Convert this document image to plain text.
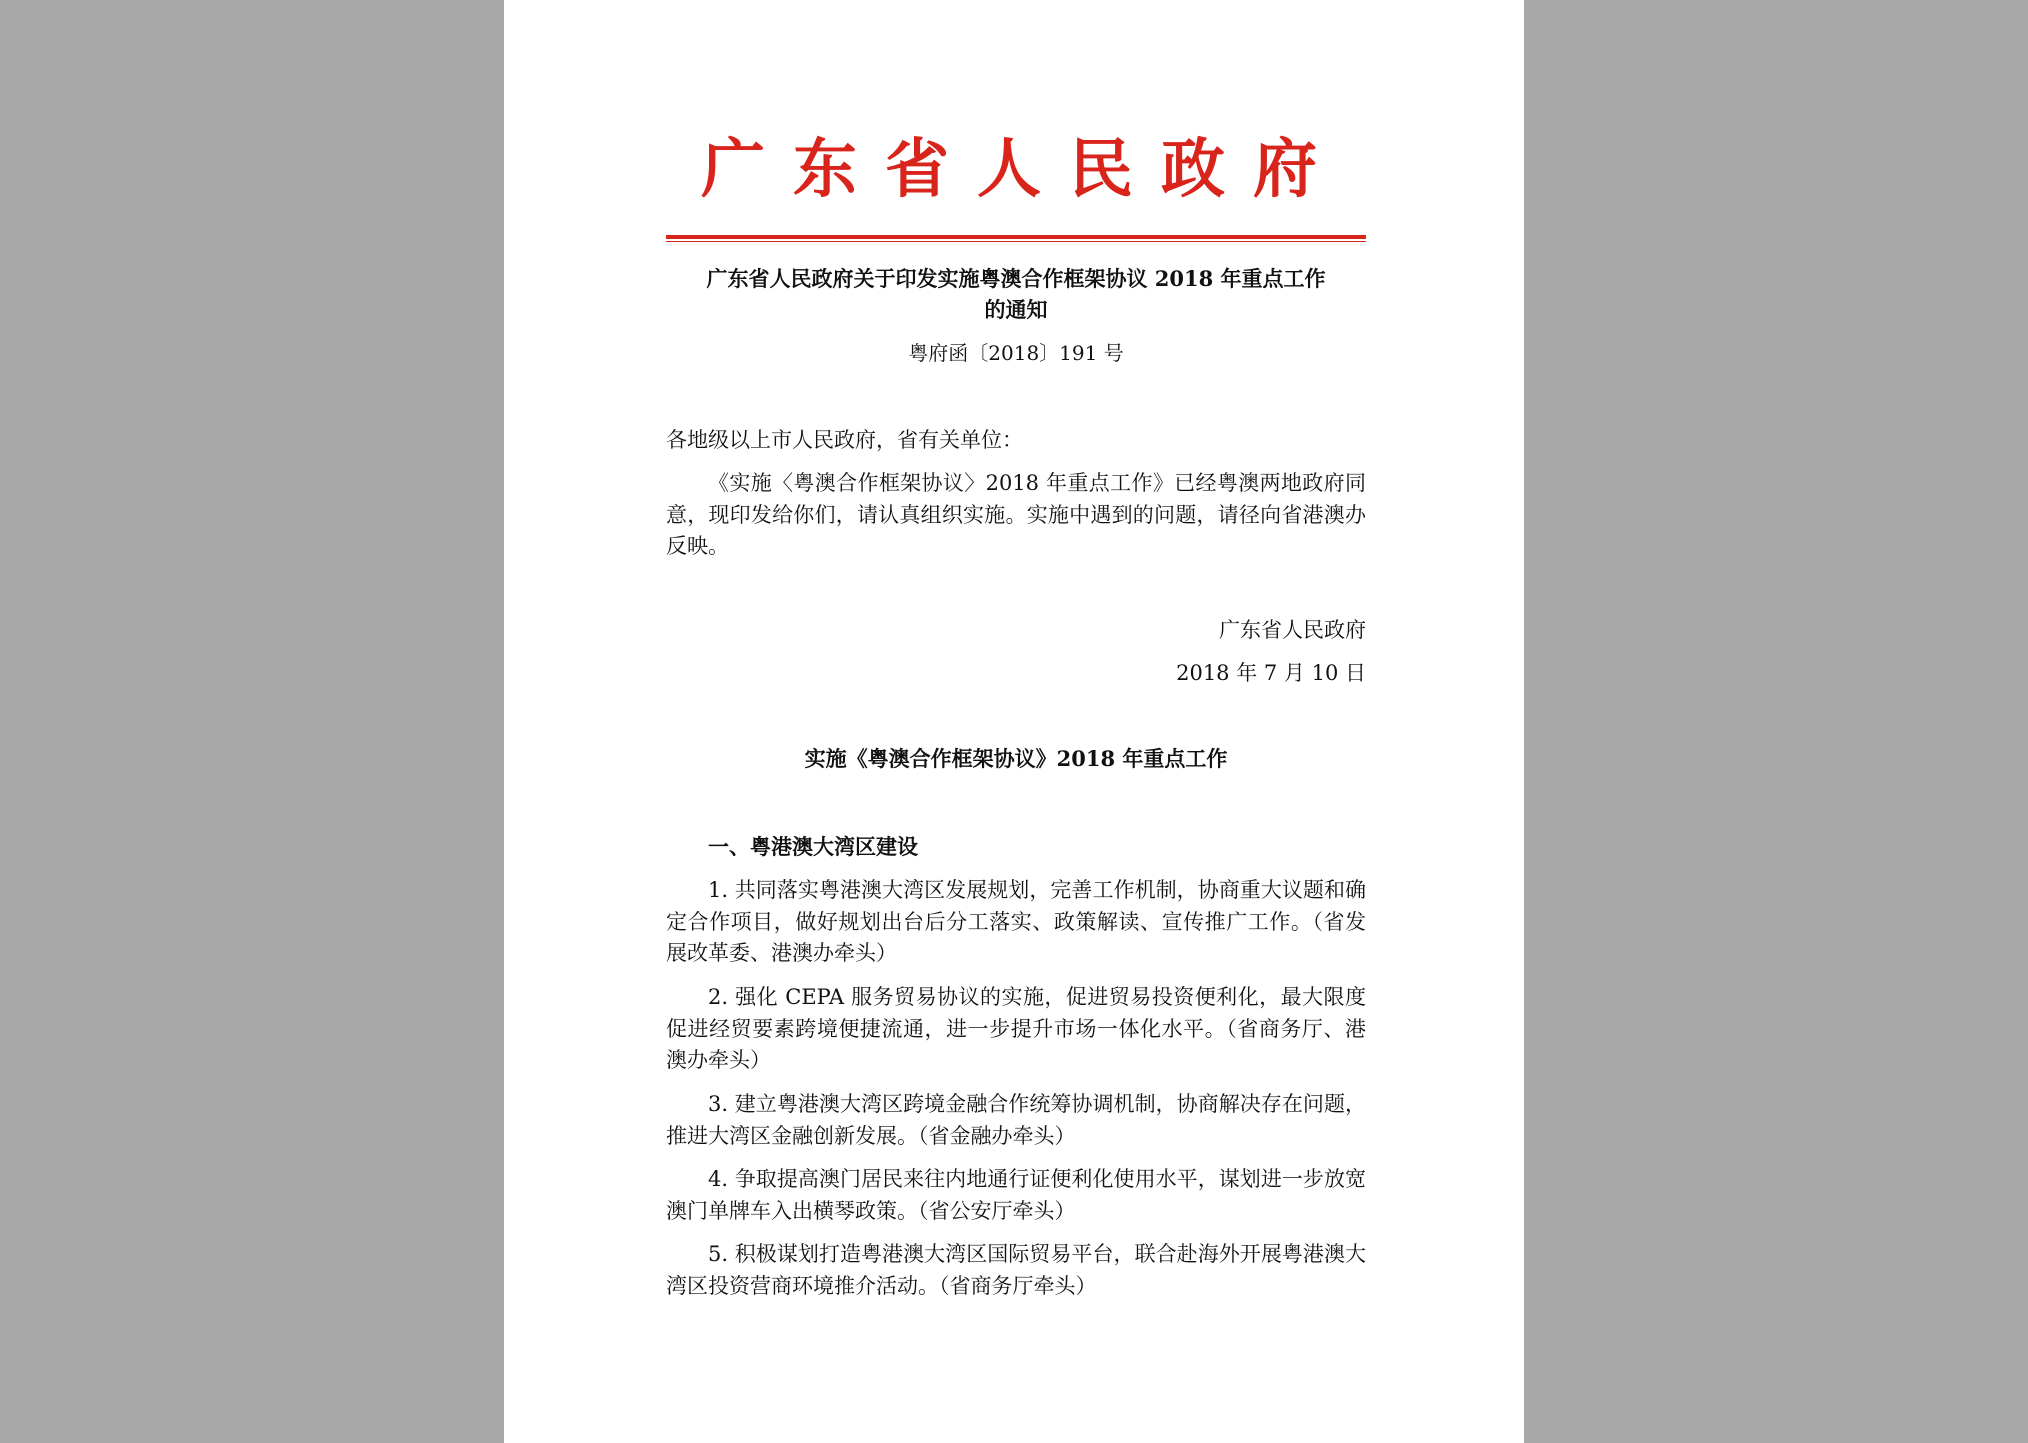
广东省人民政府
广东省人民政府关于印发实施粤澳合作框架协议 2018 年重点工作
的通知
粤府函〔2018〕191 号

各地级以上市人民政府，省有关单位：

《实施〈粤澳合作框架协议〉2018 年重点工作》已经粤澳两地政府同意，现印发给你们，请认真组织实施。实施中遇到的问题，请径向省港澳办反映。

广东省人民政府

2018 年 7 月 10 日

实施《粤澳合作框架协议》2018 年重点工作

一、粤港澳大湾区建设

1. 共同落实粤港澳大湾区发展规划，完善工作机制，协商重大议题和确定合作项目，做好规划出台后分工落实、政策解读、宣传推广工作。（省发展改革委、港澳办牵头）

2. 强化 CEPA 服务贸易协议的实施，促进贸易投资便利化，最大限度促进经贸要素跨境便捷流通，进一步提升市场一体化水平。（省商务厅、港澳办牵头）

3. 建立粤港澳大湾区跨境金融合作统筹协调机制，协商解决存在问题，推进大湾区金融创新发展。（省金融办牵头）

4. 争取提高澳门居民来往内地通行证便利化使用水平，谋划进一步放宽澳门单牌车入出横琴政策。（省公安厅牵头）

5. 积极谋划打造粤港澳大湾区国际贸易平台，联合赴海外开展粤港澳大湾区投资营商环境推介活动。（省商务厅牵头）
